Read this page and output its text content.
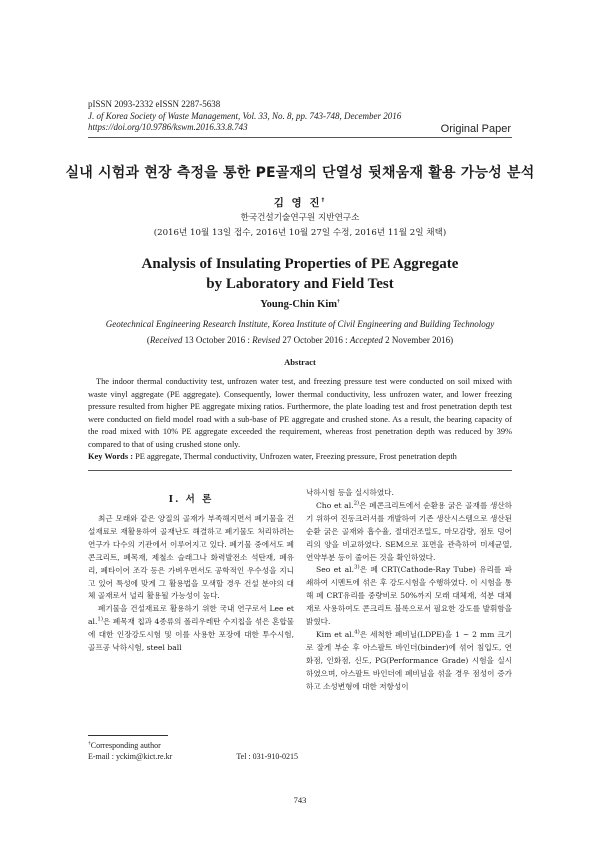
pISSN 2093-2332 eISSN 2287-5638
J. of Korea Society of Waste Management, Vol. 33, No. 8, pp. 743-748, December 2016
https://doi.org/10.9786/kswm.2016.33.8.743	Original Paper
실내 시험과 현장 측정을 통한 PE골재의 단열성 뒷채움재 활용 가능성 분석
김 영 진†
한국건설기술연구원 지반연구소
(2016년 10월 13일 접수, 2016년 10월 27일 수정, 2016년 11월 2일 채택)
Analysis of Insulating Properties of PE Aggregate
by Laboratory and Field Test
Young-Chin Kim†
Geotechnical Engineering Research Institute, Korea Institute of Civil Engineering and Building Technology
(Received 13 October 2016 : Revised 27 October 2016 : Accepted 2 November 2016)
Abstract
The indoor thermal conductivity test, unfrozen water test, and freezing pressure test were conducted on soil mixed with waste vinyl aggregate (PE aggregate). Consequently, lower thermal conductivity, less unfrozen water, and lower freezing pressure resulted from higher PE aggregate mixing ratios. Furthermore, the plate loading test and frost penetration depth test were conducted on field model road with a sub-base of PE aggregate and crushed stone. As a result, the bearing capacity of the road mixed with 10% PE aggregate exceeded the requirement, whereas frost penetration depth was reduced by 39% compared to that of using crushed stone only.
Key Words : PE aggregate, Thermal conductivity, Unfrozen water, Freezing pressure, Frost penetration depth
I. 서 론

최근 모래와 같은 양질의 골재가 부족해지면서 폐기물을 건설재료로 재활용하여 골재난도 해결하고 폐기물도 처리하려는 연구가 다수의 기관에서 이루어지고 있다. 폐기물 중에서도 폐콘크리트, 폐목재, 제철소 슬래그나 화력발전소 석탄재, 폐유리, 폐타이어 조각 등은 가벼우면서도 공학적인 우수성을 지니고 있어 특성에 맞게 그 활용법을 모색할 경우 건설 분야의 대체 골재로서 널리 활용될 가능성이 높다.

폐기물을 건설재료로 활용하기 위한 국내 연구로서 Lee et al.$^{1)}$은 폐목재 칩과 4종류의 폴리우레탄 수지칩을 섞은 혼합물에 대한 인장강도시험 및 이를 사용한 포장에 대한 투수시험, 골프공 낙하시험, steel ball

낙하시험 등을 실시하였다.

Cho et al.$^{2)}$은 폐콘크리트에서 순환용 굵은 골재를 생산하기 위하여 진동크러셔를 개발하여 기존 생산시스템으로 생산된 순환 굵은 골재와 흡수율, 절대건조밀도, 마모감량, 점토 덩어리의 양을 비교하였다. SEM으로 표면을 관측하여 미세균열, 연약부분 등이 줄어든 것을 확인하였다.

Seo et al.$^{3)}$은 폐 CRT(Cathode-Ray Tube) 유리를 파쇄하여 시멘트에 섞은 후 강도시험을 수행하였다. 이 시험을 통해 폐 CRT유리를 중량비로 50%까지 모래 대체재, 석분 대체재로 사용하여도 콘크리트 블록으로서 필요한 강도를 발휘함을 밝혔다.

Kim et al.$^{4)}$은 세척한 폐비닐(LDPE)을 1 ~ 2 mm 크기로 잘게 부순 후 아스팔트 바인더(binder)에 섞어 침입도, 연화점, 인화점, 신도, PG(Performance Grade) 시험을 실시하였으며, 아스팔트 바인더에 폐비닐을 섞을 경우 점성이 증가하고 소성변형에 대한 저항성이

†Corresponding author
E-mail : yckim@kict.re.kr	Tel : 031-910-0215
743
